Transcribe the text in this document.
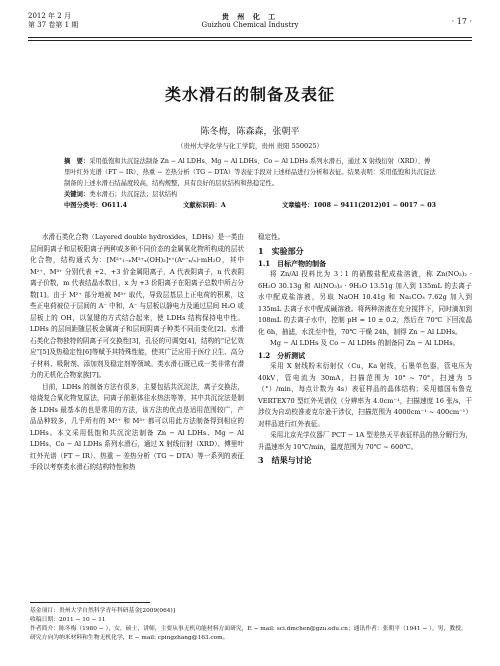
2012 年 2 月
第 37 卷第 1 期
贵 州 化 工
Guizhou Chemical Industry	· 17 ·
类水滑石的制备及表征
陈冬梅，陈森森，张朝平
（贵州大学化学与化工学院，贵州 贵阳 550025）

摘　要：采用低饱和共沉淀法制备 Zn − Al LDHs、Mg − Al LDHs、Co − Al LDHs 系列水滑石，通过 X 射线衍射（XRD）、傅里叶红外光谱（FT − IR）、热重 − 差热分析（TG − DTA）等表征手段对上述样品进行分析和表征。结果表明：采用低饱和共沉淀法制备的上述水滑石结晶度较高，结构规整，具有良好的层状结构和热稳定性。

关键词：类水滑石；共沉淀法；层状结构

中图分类号：O611.4	文献标识码：A	文章编号：1008 − 9411(2012)01 − 0017 − 03

水滑石类化合物（Layered double hydroxides，LDHs）是一类由层间阴离子和层板阳离子两种或多种不同价态的金属氧化物所构成的层状化合物，结构通式为：[M²⁺₁₋ₓM³⁺ₓ(OH)₂]ˣ⁺(Aⁿ⁻ₓ/ₙ)·mH₂O，其中 M²⁺、M³⁺ 分别代表 +2、+3 价金属阳离子，A 代表阴离子，n 代表阴离子价数，m 代表结晶水数目，x 为 +3 价阳离子在阳离子总数中所占分数[1]。由于 M²⁺ 部分地被 M³⁺ 取代，导致层基层上正电荷的积累，这些正电荷被位于层间的 A⁻ 中和，A⁻ 与层板以静电力及通过层间 H₂O 或层板上的 OH，以氢键的方式结合起来，使 LDHs 结构保持电中性。LDHs 的层间距随层板金属离子和层间阴离子种类不同而变化[2]。水滑石类化合物独特的阴离子可交换性[3]，孔径的可调变[4]，结构的“记忆效应”[5]及热稳定性[6]等赋予其特殊性能，使其广泛应用于医疗卫生、高分子材料、吸附剂、添加剂及稳定剂等领域。类水滑石既已成一类非常有潜力的无机化合物家族[7]。

目前，LDHs 的制备方法有很多，主要包括共沉淀法，离子交换法，焙烧复合氧化物复原法，同离子前驱体往水热法等等，其中共沉淀法是制备 LDHs 最基本的也是常用的方法，该方法的优点是适用范围较广，产品品种较多，几乎所有的 M²⁺ 和 M³⁺ 都可以用此方法制备得到相应的 LDHs。本文采用低饱和共沉淀法制备 Zn − Al LDHs、Mg − Al LDHs、Co − Al LDHs 系列水滑石，通过 X 射线衍射（XRD）、傅里叶红外光谱（FT − IR）、热重 − 差热分析（TG − DTA）等一系列的表征手段以考察类水滑石的结构特性和热

稳定性。

1　实验部分

1.1　目标产物的制备

将 Zn/Al 投料比为 3∶1 的硝酸盐配成盐溶液，称 Zn(NO₃)₂ · 6H₂O 30.13g 和 Al(NO₃)₃ · 9H₂O 13.51g 加入到 135mL 的去离子水中配成盐溶液，另取 NaOH 10.41g 和 Na₂CO₃ 7.62g 加入到 135mL 去离子水中配成碱溶液。将两种溶液在充分搅拌下，同时滴加到 108mL 的去离子水中，控制 pH = 10 ± 0.2，然后在 70℃ 下回流晶化 6h，抽滤，水洗至中性，70℃ 干燥 24h，制得 Zn − Al LDHs。

Mg − Al LDHs 及 Co − Al LDHs 的制备同 Zn − Al LDHs。

1.2　分析测试

采用 X 射线粉末衍射仪（Cu，Ka 射线，石墨单色器，管电压为 40kV，管电流为 30mA，扫描范围为 10° ~ 70°，扫速为 5（°）/min，每点计数为 4s）表征样品的晶体结构；采用德国布鲁克 VERTEX70 型红外光谱仪（分辨率为 4.0cm⁻¹，扫描速度 16 张/s，干涉仪为自动校准麦克尔逊干涉仪，扫描范围为 4000cm⁻¹ ~ 400cm⁻¹）对样品进行红外表征。

采用北京光学仪器厂 PCT − 1A 型差热天平表征样品的热分解行为，升温速率为 10℃/min，温度范围为 70℃ ~ 600℃。

3　结果与讨论

基金项目：贵州大学自然科学青年科研基金[2009(064)]
收稿日期：2011 − 10 − 11
作者简介：陈冬梅（1980 − ），女，硕士，讲师，主要从事无机功能材料方面研究，E − mail: sci.dmchen@gzu.edu.cn；通讯作者：张朝平（1941 − ），男，教授，研究方向为纳米材料和生物无机化学，E − mail: cpingzhang@163.com。
